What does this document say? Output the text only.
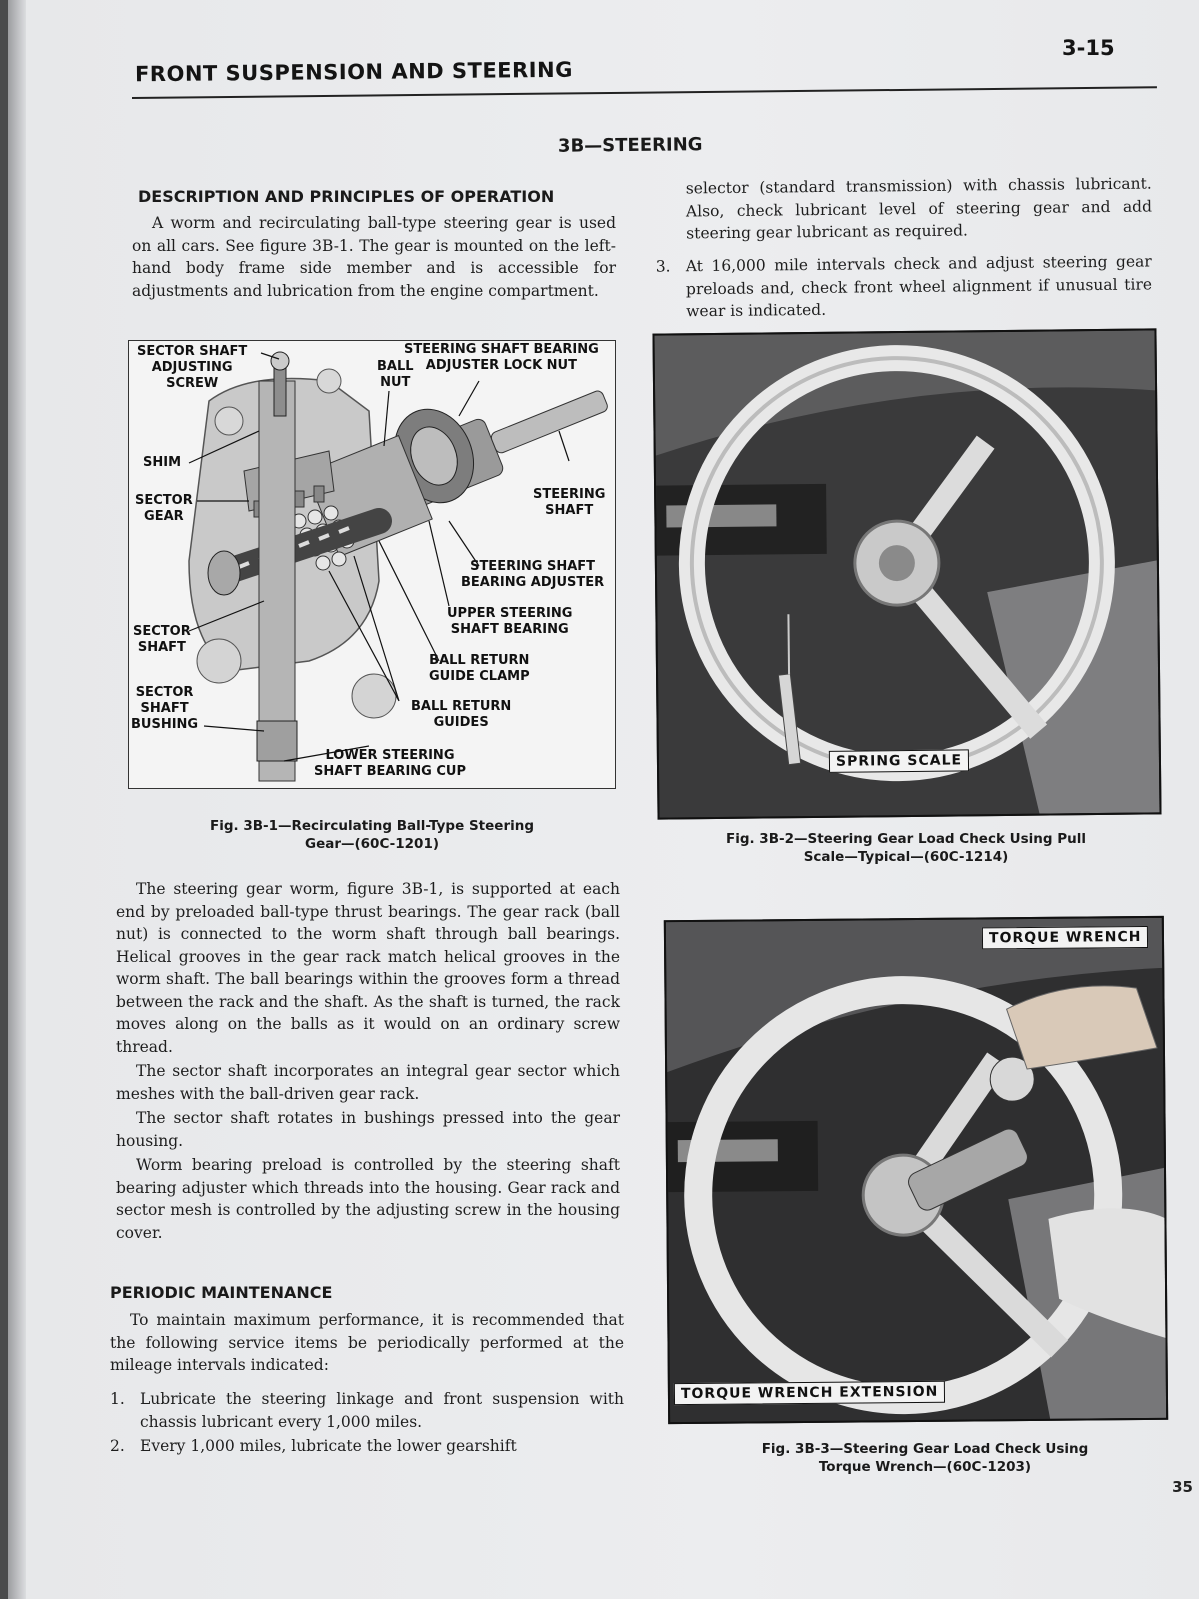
FRONT SUSPENSION AND STEERING
3-15
3B—STEERING
DESCRIPTION AND PRINCIPLES OF OPERATION

A worm and recirculating ball-type steering gear is used on all cars. See figure 3B-1. The gear is mounted on the left-hand body frame side member and is accessible for adjustments and lubrication from the engine compartment.

SECTOR SHAFT
ADJUSTING
SCREW
BALL
NUT
STEERING SHAFT BEARING
ADJUSTER LOCK NUT
SHIM
SECTOR
GEAR
STEERING
SHAFT
STEERING SHAFT
BEARING ADJUSTER
UPPER STEERING
SHAFT BEARING
SECTOR
SHAFT
BALL RETURN
GUIDE CLAMP
SECTOR
SHAFT
BUSHING
BALL RETURN
GUIDES
LOWER STEERING
SHAFT BEARING CUP
Fig. 3B-1—Recirculating Ball-Type Steering
Gear—(60C-1201)

The steering gear worm, figure 3B-1, is supported at each end by preloaded ball-type thrust bearings. The gear rack (ball nut) is connected to the worm shaft through ball bearings. Helical grooves in the gear rack match helical grooves in the worm shaft. The ball bearings within the grooves form a thread between the rack and the shaft. As the shaft is turned, the rack moves along on the balls as it would on an ordinary screw thread.

The sector shaft incorporates an integral gear sector which meshes with the ball-driven gear rack.

The sector shaft rotates in bushings pressed into the gear housing.

Worm bearing preload is controlled by the steering shaft bearing adjuster which threads into the housing. Gear rack and sector mesh is controlled by the adjusting screw in the housing cover.

PERIODIC MAINTENANCE

To maintain maximum performance, it is recommended that the following service items be periodically performed at the mileage intervals indicated:

1. Lubricate the steering linkage and front suspension with chassis lubricant every 1,000 miles.
2. Every 1,000 miles, lubricate the lower gearshift

selector (standard transmission) with chassis lubricant. Also, check lubricant level of steering gear and add steering gear lubricant as required.

3. At 16,000 mile intervals check and adjust steering gear preloads and, check front wheel alignment if unusual tire wear is indicated.
SPRING SCALE
Fig. 3B-2—Steering Gear Load Check Using Pull
Scale—Typical—(60C-1214)
TORQUE WRENCH
TORQUE WRENCH EXTENSION
Fig. 3B-3—Steering Gear Load Check Using
Torque Wrench—(60C-1203)
35
